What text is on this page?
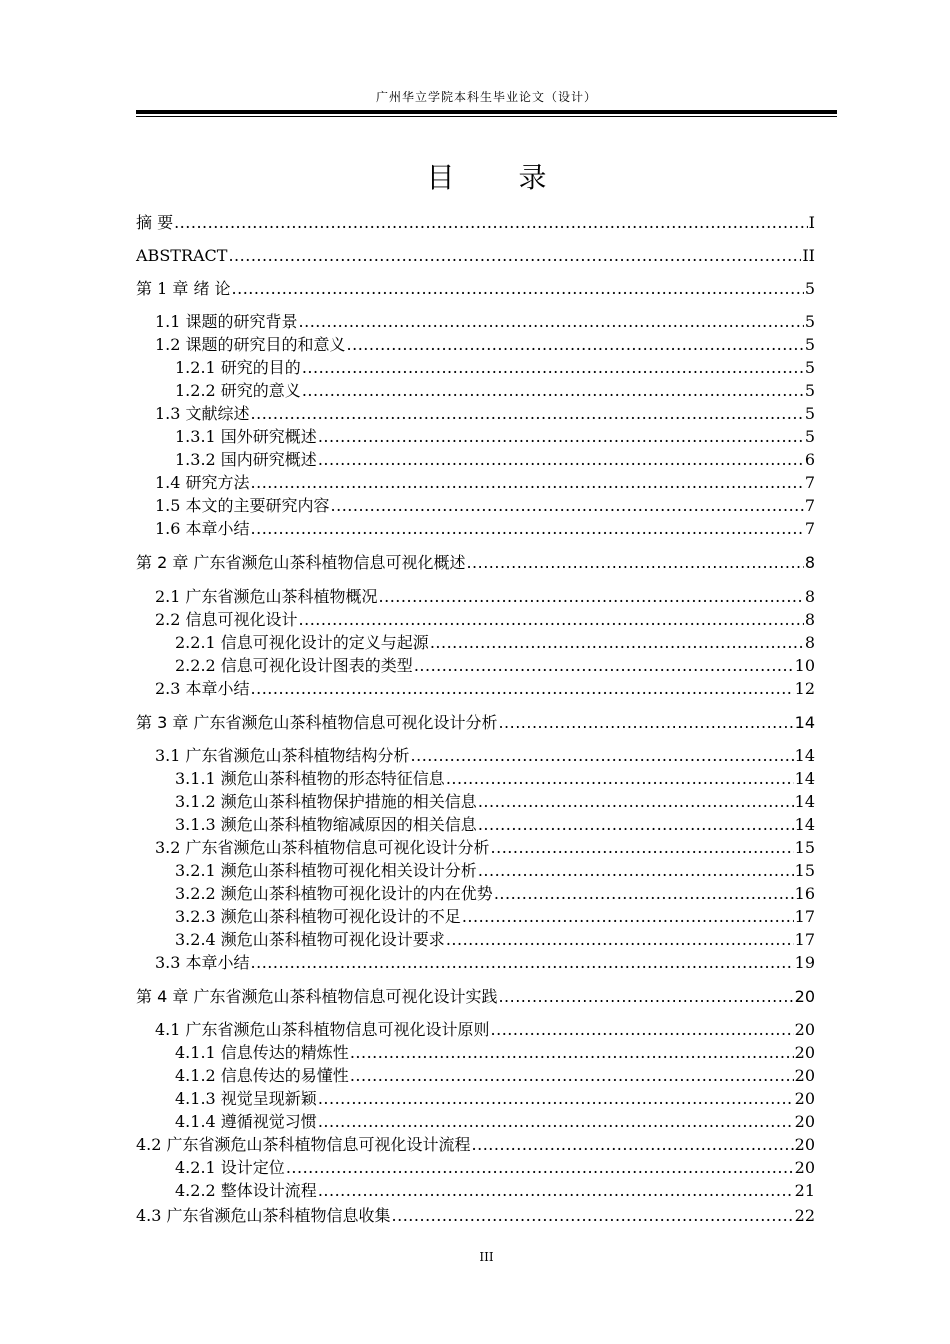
广州华立学院本科生毕业论文（设计）
目　录
摘 要 .....	I
ABSTRACT .....	II
第 1 章 绪 论 .....	5
1.1 课题的研究背景 .....	5
1.2 课题的研究目的和意义 .....	5
1.2.1 研究的目的 .....	5
1.2.2 研究的意义 .....	5
1.3 文献综述 .....	5
1.3.1 国外研究概述 .....	5
1.3.2 国内研究概述 .....	6
1.4 研究方法 .....	7
1.5 本文的主要研究内容 .....	7
1.6 本章小结 .....	7
第 2 章 广东省濒危山茶科植物信息可视化概述 .....	8
2.1 广东省濒危山茶科植物概况 .....	8
2.2 信息可视化设计 .....	8
2.2.1 信息可视化设计的定义与起源 .....	8
2.2.2 信息可视化设计图表的类型 .....	10
2.3 本章小结 .....	12
第 3 章 广东省濒危山茶科植物信息可视化设计分析 .....	14
3.1 广东省濒危山茶科植物结构分析 .....	14
3.1.1 濒危山茶科植物的形态特征信息 .....	14
3.1.2 濒危山茶科植物保护措施的相关信息 .....	14
3.1.3 濒危山茶科植物缩减原因的相关信息 .....	14
3.2 广东省濒危山茶科植物信息可视化设计分析 .....	15
3.2.1 濒危山茶科植物可视化相关设计分析 .....	15
3.2.2 濒危山茶科植物可视化设计的内在优势 .....	16
3.2.3 濒危山茶科植物可视化设计的不足 .....	17
3.2.4 濒危山茶科植物可视化设计要求 .....	17
3.3 本章小结 .....	19
第 4 章 广东省濒危山茶科植物信息可视化设计实践 .....	20
4.1 广东省濒危山茶科植物信息可视化设计原则 .....	20
4.1.1 信息传达的精炼性 .....	20
4.1.2 信息传达的易懂性 .....	20
4.1.3 视觉呈现新颖 .....	20
4.1.4 遵循视觉习惯 .....	20
4.2 广东省濒危山茶科植物信息可视化设计流程 .....	20
4.2.1 设计定位 .....	20
4.2.2 整体设计流程 .....	21
4.3 广东省濒危山茶科植物信息收集 .....	22
III
